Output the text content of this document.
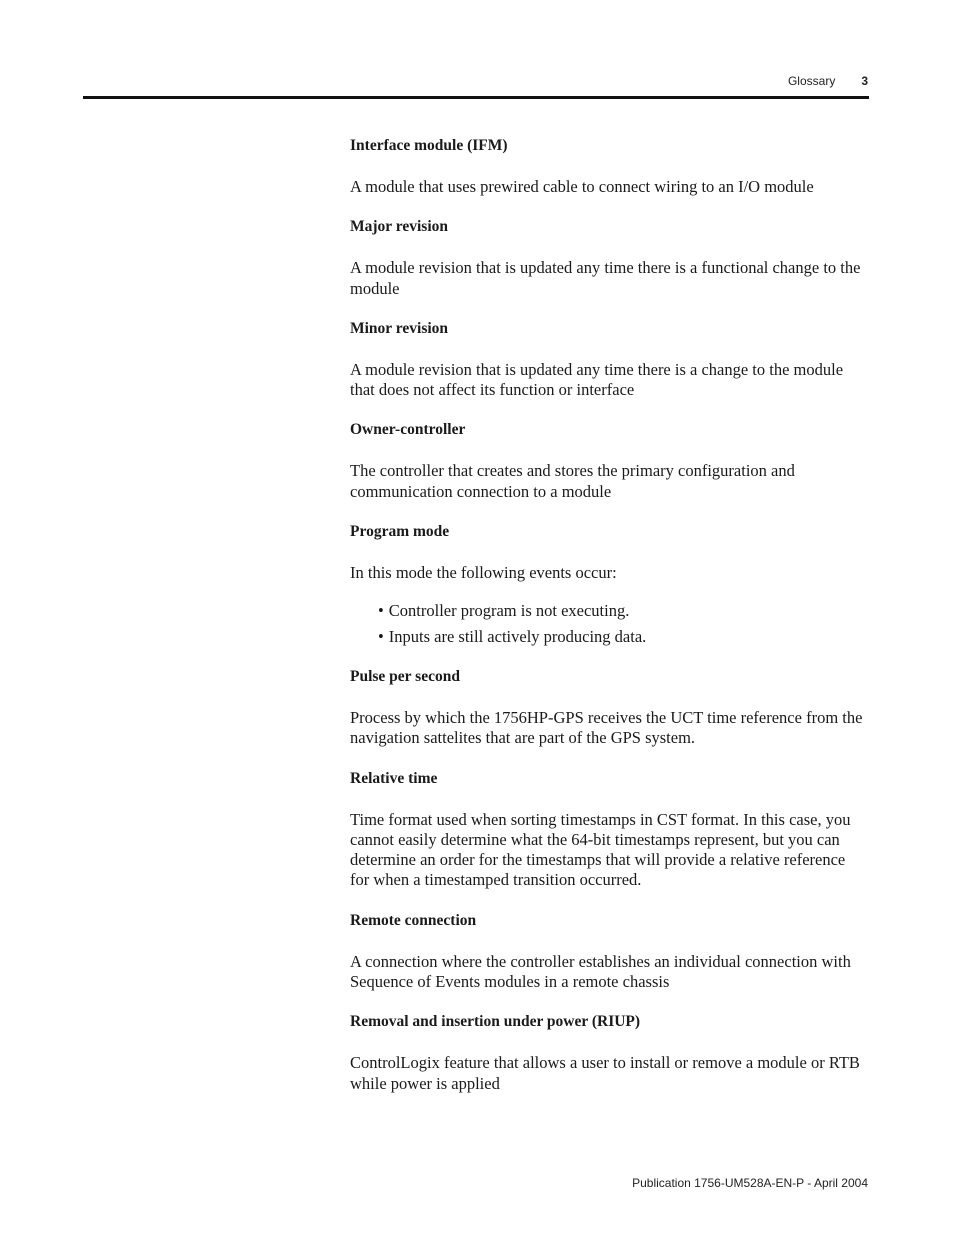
Glossary 3

Interface module (IFM)

A module that uses prewired cable to connect wiring to an I/O module

Major revision

A module revision that is updated any time there is a functional change to the module

Minor revision

A module revision that is updated any time there is a change to the module that does not affect its function or interface

Owner-controller

The controller that creates and stores the primary configuration and communication connection to a module

Program mode

In this mode the following events occur:

• Controller program is not executing.
• Inputs are still actively producing data.

Pulse per second

Process by which the 1756HP-GPS receives the UCT time reference from the navigation sattelites that are part of the GPS system.

Relative time

Time format used when sorting timestamps in CST format. In this case, you cannot easily determine what the 64-bit timestamps represent, but you can determine an order for the timestamps that will provide a relative reference for when a timestamped transition occurred.

Remote connection

A connection where the controller establishes an individual connection with Sequence of Events modules in a remote chassis

Removal and insertion under power (RIUP)

ControlLogix feature that allows a user to install or remove a module or RTB while power is applied

Publication 1756-UM528A-EN-P - April 2004
